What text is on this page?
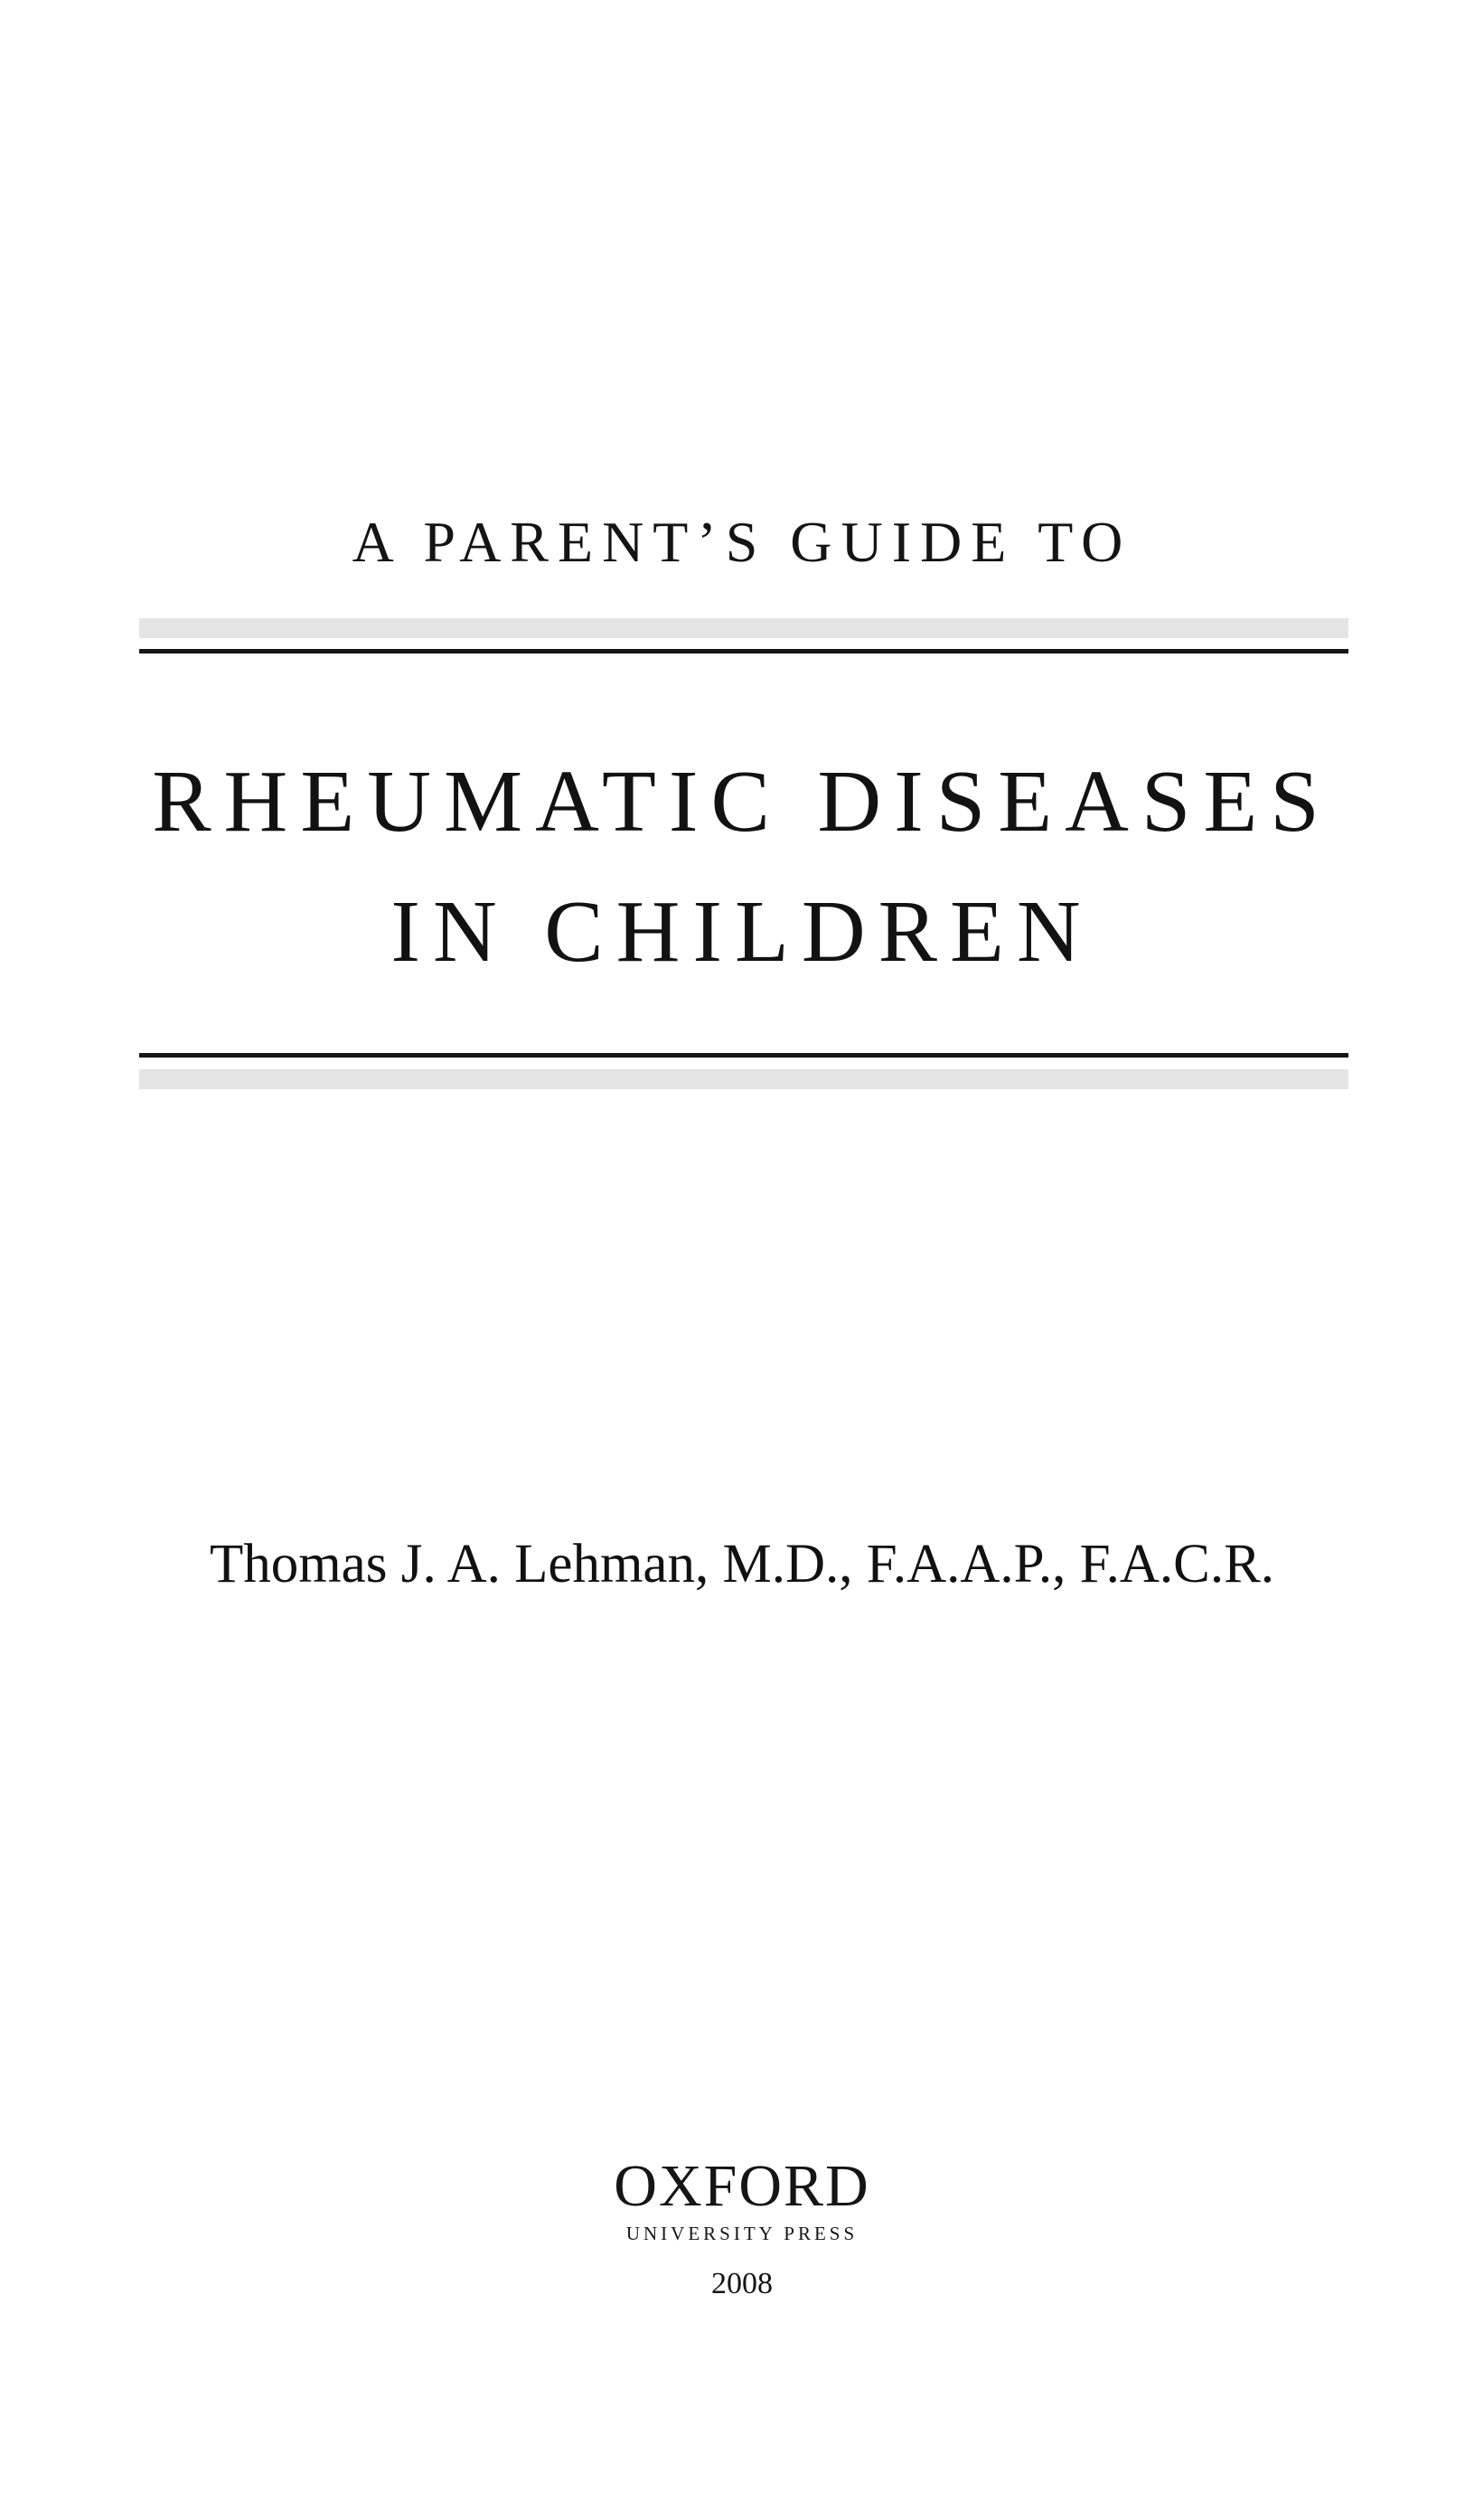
A PARENT’S GUIDE TO
RHEUMATIC DISEASES
IN CHILDREN
Thomas J. A. Lehman, M.D., F.A.A.P., F.A.C.R.
OXFORD
UNIVERSITY PRESS
2008
